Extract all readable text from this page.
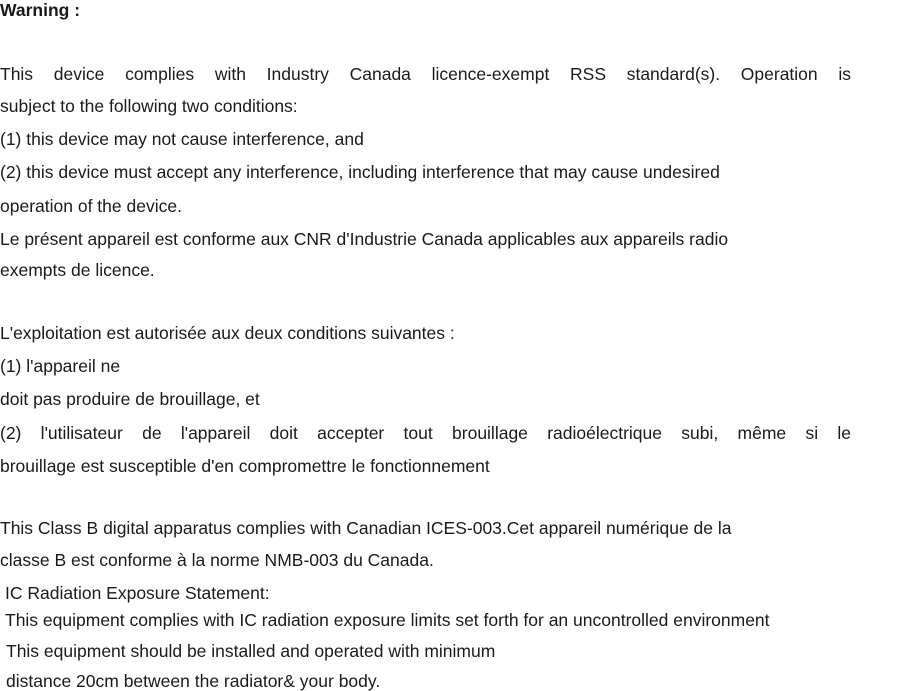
Warning :
This device complies with Industry Canada licence-exempt RSS standard(s). Operation is
subject to the following two conditions:
(1) this device may not cause interference, and
(2) this device must accept any interference, including interference that may cause undesired
operation of the device.
Le présent appareil est conforme aux CNR d'Industrie Canada applicables aux appareils radio
exempts de licence.
L'exploitation est autorisée aux deux conditions suivantes :
(1) l'appareil ne
doit pas produire de brouillage, et
(2) l'utilisateur de l'appareil doit accepter tout brouillage radioélectrique subi, même si le
brouillage est susceptible d'en compromettre le fonctionnement
This Class B digital apparatus complies with Canadian ICES-003.Cet appareil numérique de la
classe B est conforme à la norme NMB-003 du Canada.
IC Radiation Exposure Statement:
This equipment complies with IC radiation exposure limits set forth for an uncontrolled environment
This equipment should be installed and operated with minimum
distance 20cm between the radiator& your body.
